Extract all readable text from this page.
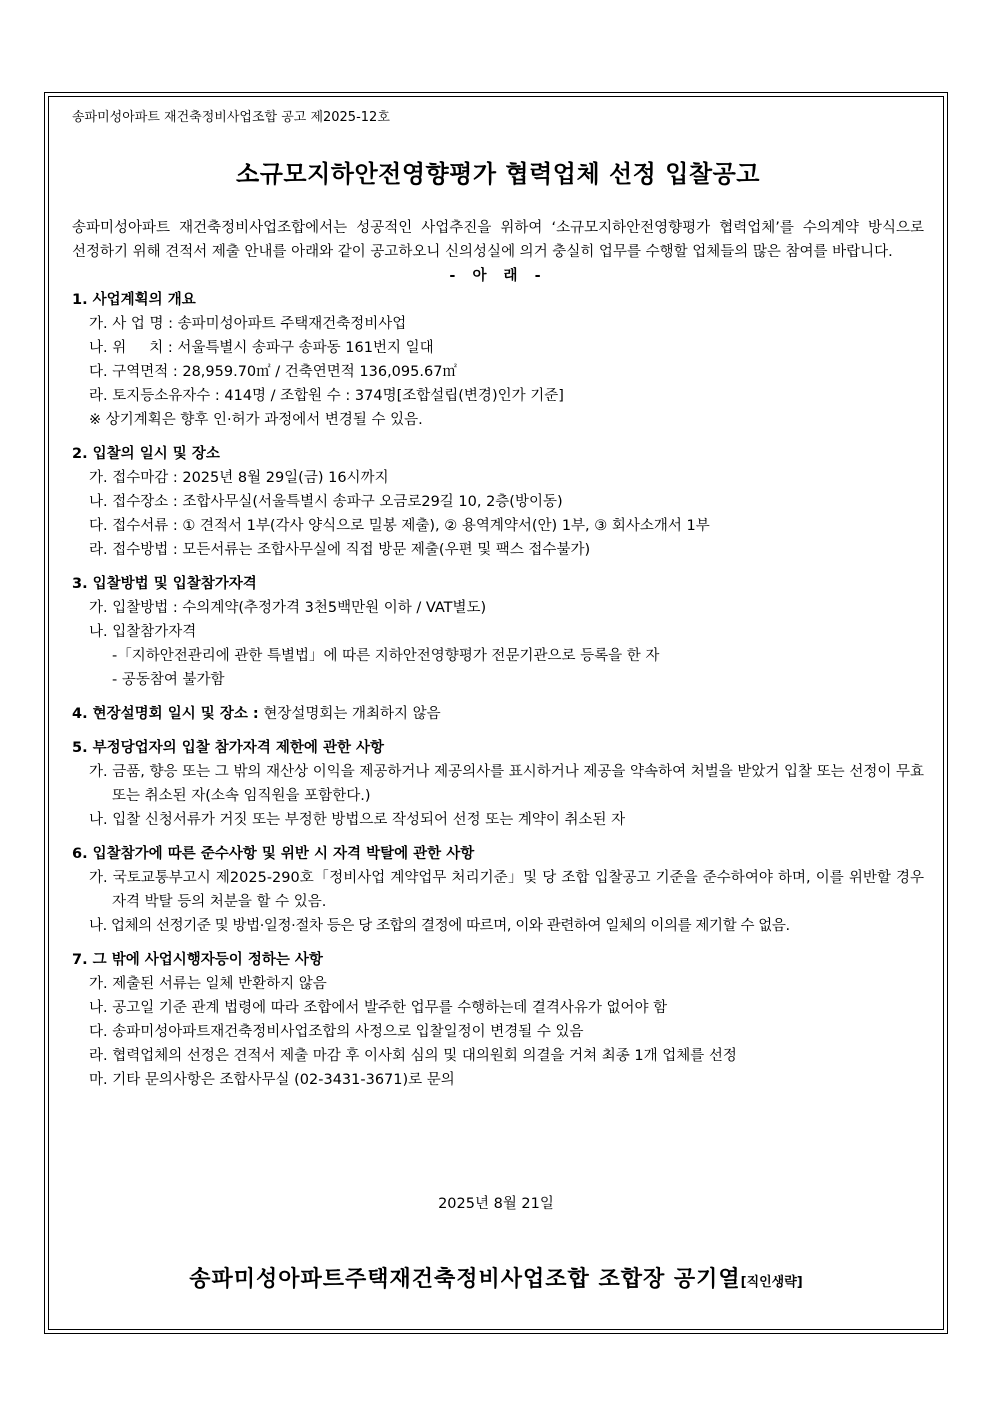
송파미성아파트 재건축정비사업조합 공고 제2025-12호
소규모지하안전영향평가 협력업체 선정 입찰공고
송파미성아파트 재건축정비사업조합에서는 성공적인 사업추진을 위하여 ‘소규모지하안전영향평가 협력업체’를 수의계약 방식으로 선정하기 위해 견적서 제출 안내를 아래와 같이 공고하오니 신의성실에 의거 충실히 업무를 수행할 업체들의 많은 참여를 바랍니다.
- 아 래 -
1. 사업계획의 개요
가. 사 업 명 : 송파미성아파트 주택재건축정비사업
나. 위     치 : 서울특별시 송파구 송파동 161번지 일대
다. 구역면적 : 28,959.70㎡ / 건축연면적 136,095.67㎡
라. 토지등소유자수 : 414명 / 조합원 수 : 374명[조합설립(변경)인가 기준]
※ 상기계획은 향후 인·허가 과정에서 변경될 수 있음.
2. 입찰의 일시 및 장소
가. 접수마감 : 2025년 8월 29일(금) 16시까지
나. 접수장소 : 조합사무실(서울특별시 송파구 오금로29길 10, 2층(방이동)
다. 접수서류 : ① 견적서 1부(각사 양식으로 밀봉 제출), ② 용역계약서(안) 1부, ③ 회사소개서 1부
라. 접수방법 : 모든서류는 조합사무실에 직접 방문 제출(우편 및 팩스 접수불가)
3. 입찰방법 및 입찰참가자격
가. 입찰방법 : 수의계약(추정가격 3천5백만원 이하 / VAT별도)
나. 입찰참가자격
-「지하안전관리에 관한 특별법」에 따른 지하안전영향평가 전문기관으로 등록을 한 자
- 공동참여 불가함
4. 현장설명회 일시 및 장소 : 현장설명회는 개최하지 않음
5. 부정당업자의 입찰 참가자격 제한에 관한 사항
가. 금품, 향응 또는 그 밖의 재산상 이익을 제공하거나 제공의사를 표시하거나 제공을 약속하여 처벌을 받았거 입찰 또는 선정이 무효 또는 취소된 자(소속 임직원을 포함한다.)
나. 입찰 신청서류가 거짓 또는 부정한 방법으로 작성되어 선정 또는 계약이 취소된 자
6. 입찰참가에 따른 준수사항 및 위반 시 자격 박탈에 관한 사항
가. 국토교통부고시 제2025-290호「정비사업 계약업무 처리기준」및 당 조합 입찰공고 기준을 준수하여야 하며, 이를 위반할 경우 자격 박탈 등의 처분을 할 수 있음.
나. 업체의 선정기준 및 방법·일정·절차 등은 당 조합의 결정에 따르며, 이와 관련하여 일체의 이의를 제기할 수 없음.
7. 그 밖에 사업시행자등이 정하는 사항
가. 제출된 서류는 일체 반환하지 않음
나. 공고일 기준 관계 법령에 따라 조합에서 발주한 업무를 수행하는데 결격사유가 없어야 함
다. 송파미성아파트재건축정비사업조합의 사정으로 입찰일정이 변경될 수 있음
라. 협력업체의 선정은 견적서 제출 마감 후 이사회 심의 및 대의원회 의결을 거쳐 최종 1개 업체를 선정
마. 기타 문의사항은 조합사무실 (02-3431-3671)로 문의
2025년 8월 21일
송파미성아파트주택재건축정비사업조합 조합장 공기열[직인생략]
